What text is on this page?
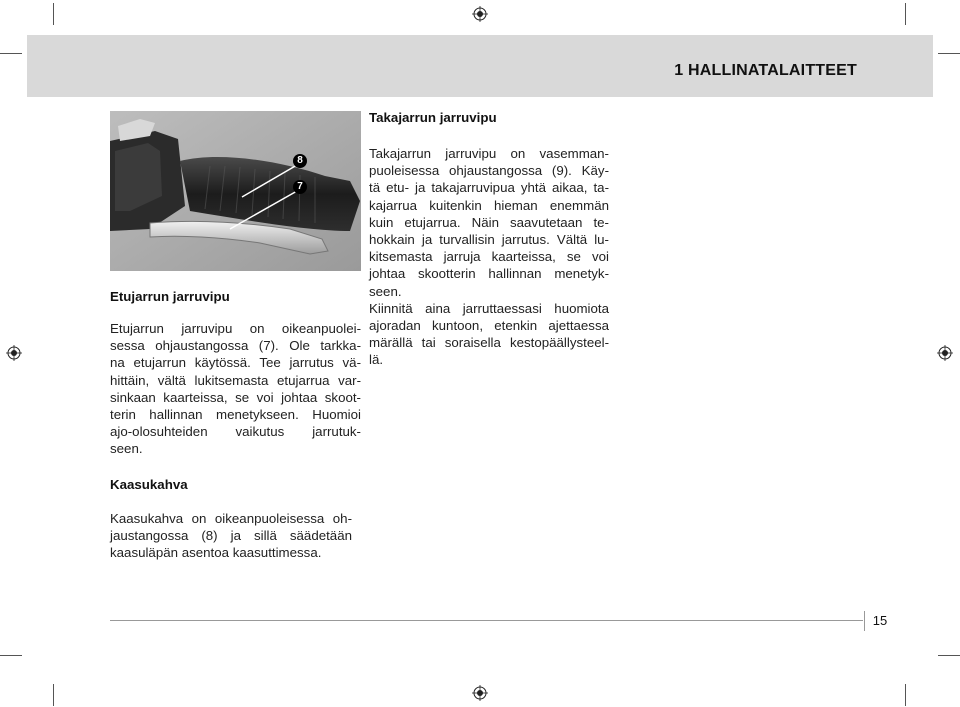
1 HALLINATALAITTEET
8
7
Takajarrun jarruvipu
Takajarrun jarruvipu on vasemman-
puoleisessa ohjaustangossa (9). Käy-
tä etu- ja takajarruvipua yhtä aikaa, ta-
kajarrua kuitenkin hieman enemmän
kuin etujarrua. Näin saavutetaan te-
hokkain ja turvallisin jarrutus. Vältä lu-
kitsemasta jarruja kaarteissa, se voi
johtaa skootterin hallinnan menetyk-
seen.
Kiinnitä aina jarruttaessasi huomiota
ajoradan kuntoon, etenkin ajettaessa
märällä tai soraisella kestopäällysteel-
lä.
Etujarrun jarruvipu
Etujarrun jarruvipu on oikeanpuolei-
sessa ohjaustangossa (7). Ole tarkka-
na etujarrun käytössä. Tee jarrutus vä-
hittäin, vältä lukitsemasta etujarrua var-
sinkaan kaarteissa, se voi johtaa skoot-
terin hallinnan menetykseen. Huomioi
ajo-olosuhteiden vaikutus jarrutuk-
seen.
Kaasukahva
Kaasukahva on oikeanpuoleisessa oh-
jaustangossa (8) ja sillä säädetään
kaasuläpän asentoa kaasuttimessa.
15
